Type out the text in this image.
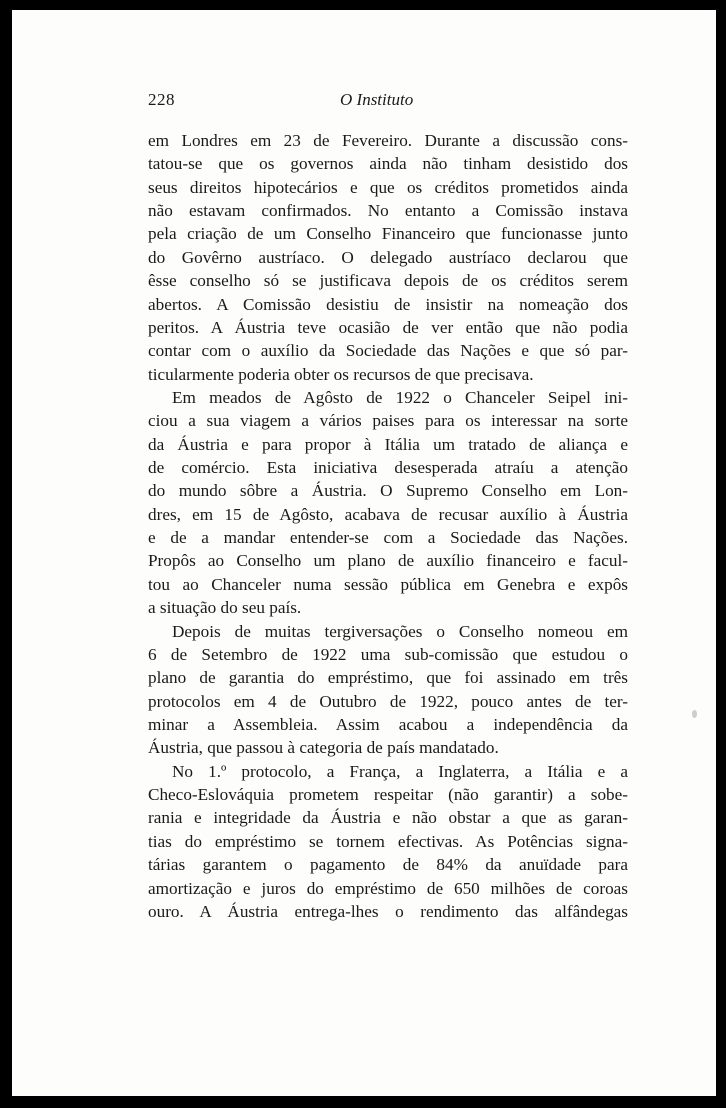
228	O Instituto
em Londres em 23 de Fevereiro. Durante a discussão cons-
tatou-se que os governos ainda não tinham desistido dos
seus direitos hipotecários e que os créditos prometidos ainda
não estavam confirmados. No entanto a Comissão instava
pela criação de um Conselho Financeiro que funcionasse junto
do Govêrno austríaco. O delegado austríaco declarou que
êsse conselho só se justificava depois de os créditos serem
abertos. A Comissão desistiu de insistir na nomeação dos
peritos. A Áustria teve ocasião de ver então que não podia
contar com o auxílio da Sociedade das Nações e que só par-
ticularmente poderia obter os recursos de que precisava.
Em meados de Agôsto de 1922 o Chanceler Seipel ini-
ciou a sua viagem a vários paises para os interessar na sorte
da Áustria e para propor à Itália um tratado de aliança e
de comércio. Esta iniciativa desesperada atraíu a atenção
do mundo sôbre a Áustria. O Supremo Conselho em Lon-
dres, em 15 de Agôsto, acabava de recusar auxílio à Áustria
e de a mandar entender-se com a Sociedade das Nações.
Propôs ao Conselho um plano de auxílio financeiro e facul-
tou ao Chanceler numa sessão pública em Genebra e expôs
a situação do seu país.
Depois de muitas tergiversações o Conselho nomeou em
6 de Setembro de 1922 uma sub-comissão que estudou o
plano de garantia do empréstimo, que foi assinado em três
protocolos em 4 de Outubro de 1922, pouco antes de ter-
minar a Assembleia. Assim acabou a independência da
Áustria, que passou à categoria de país mandatado.
No 1.º protocolo, a França, a Inglaterra, a Itália e a
Checo-Eslováquia prometem respeitar (não garantir) a sobe-
rania e integridade da Áustria e não obstar a que as garan-
tias do empréstimo se tornem efectivas. As Potências signa-
tárias garantem o pagamento de 84% da anuïdade para
amortização e juros do empréstimo de 650 milhões de coroas
ouro. A Áustria entrega-lhes o rendimento das alfândegas
